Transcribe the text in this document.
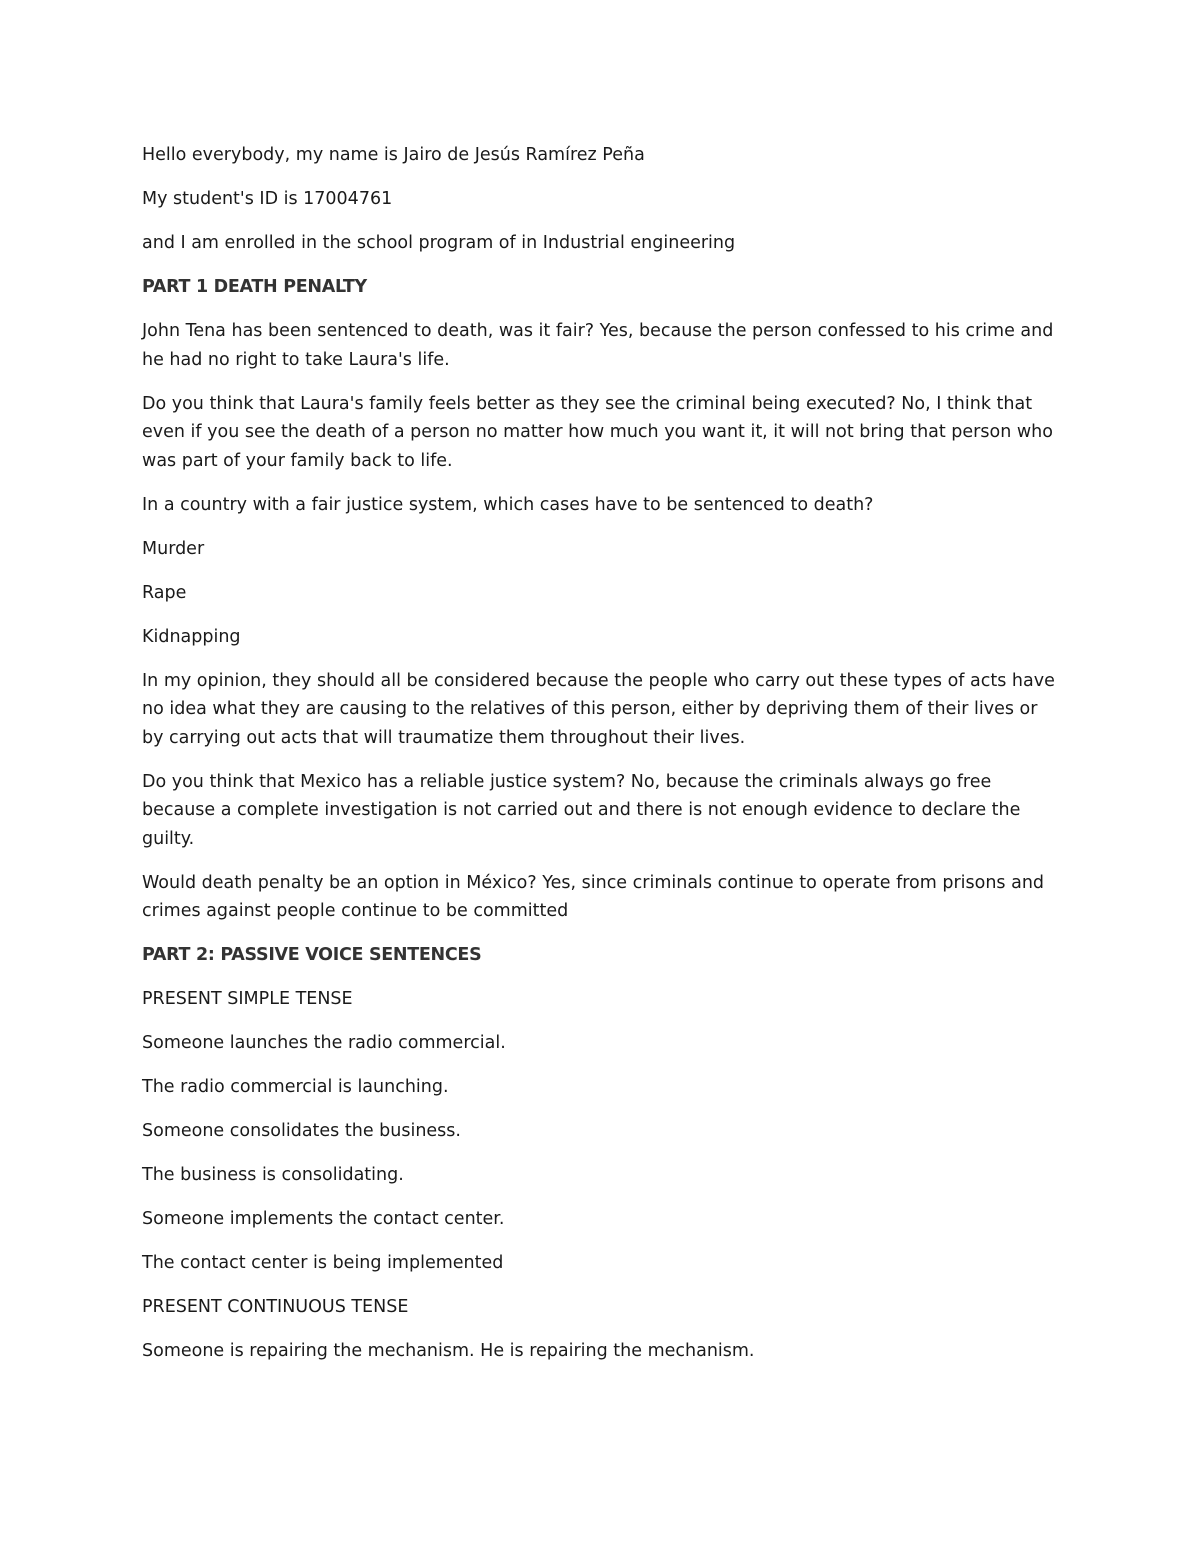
Hello everybody, my name is Jairo de Jesús Ramírez Peña

My student's ID is 17004761

and I am enrolled in the school program of in Industrial engineering

PART 1 DEATH PENALTY

John Tena has been sentenced to death, was it fair? Yes, because the person confessed to his crime and he had no right to take Laura's life.

Do you think that Laura's family feels better as they see the criminal being executed? No, I think that even if you see the death of a person no matter how much you want it, it will not bring that person who was part of your family back to life.

In a country with a fair justice system, which cases have to be sentenced to death?

Murder

Rape

Kidnapping

In my opinion, they should all be considered because the people who carry out these types of acts have no idea what they are causing to the relatives of this person, either by depriving them of their lives or by carrying out acts that will traumatize them throughout their lives.

Do you think that Mexico has a reliable justice system? No, because the criminals always go free because a complete investigation is not carried out and there is not enough evidence to declare the guilty.

Would death penalty be an option in México? Yes, since criminals continue to operate from prisons and crimes against people continue to be committed

PART 2: PASSIVE VOICE SENTENCES

PRESENT SIMPLE TENSE

Someone launches the radio commercial.

The radio commercial is launching.

Someone consolidates the business.

The business is consolidating.

Someone implements the contact center.

The contact center is being implemented

PRESENT CONTINUOUS TENSE

Someone is repairing the mechanism. He is repairing the mechanism.
